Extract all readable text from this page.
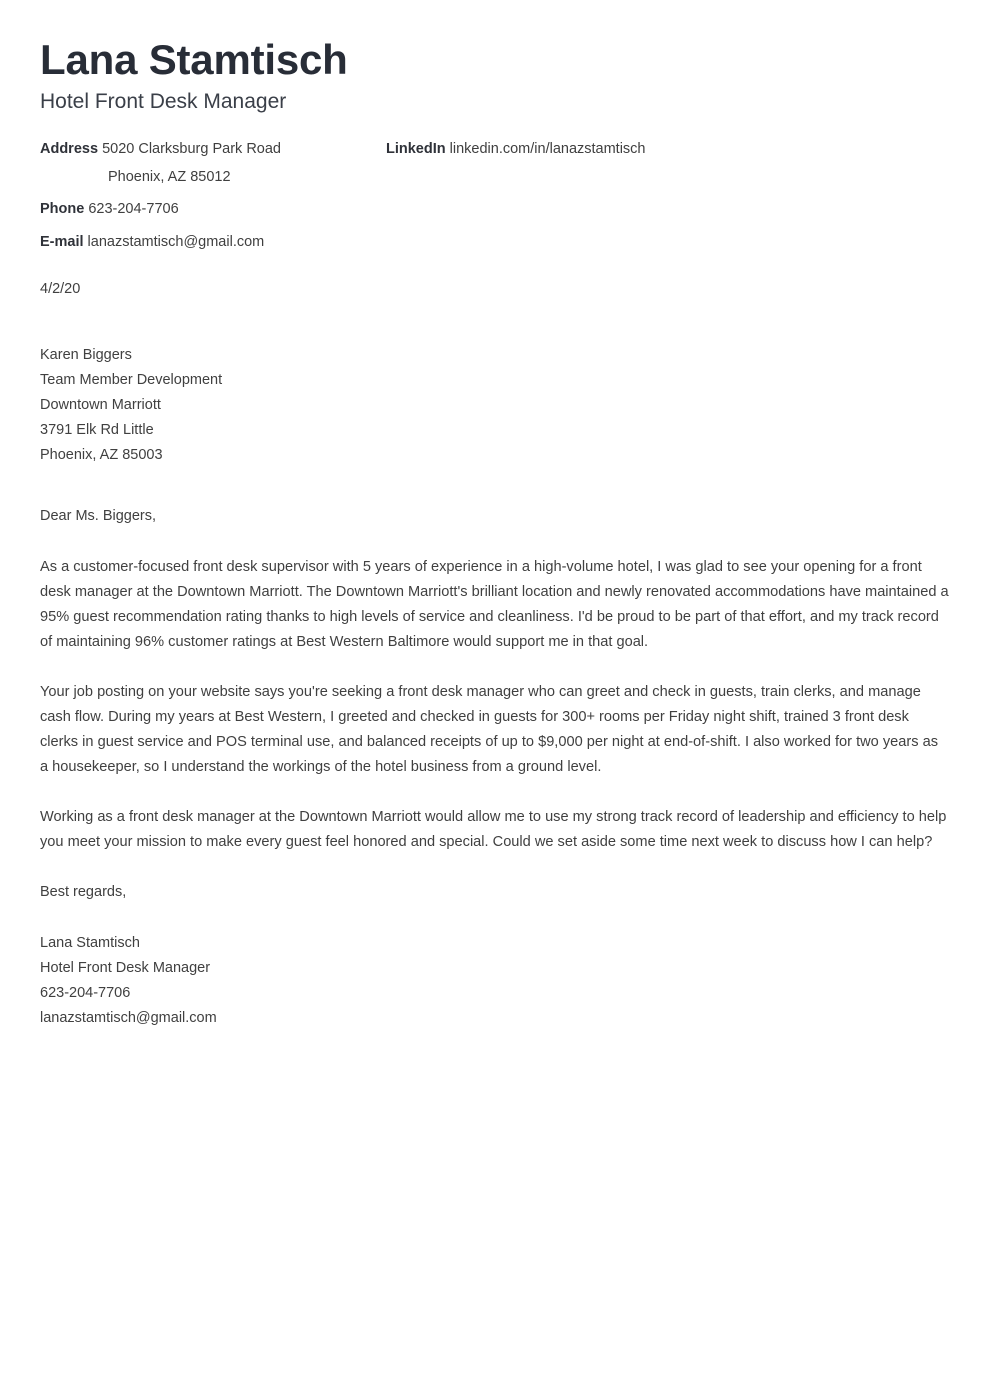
Lana Stamtisch
Hotel Front Desk Manager
Address 5020 Clarksburg Park Road
Phoenix, AZ 85012
Phone 623-204-7706
E-mail lanazstamtisch@gmail.com
LinkedIn linkedin.com/in/lanazstamtisch
4/2/20
Karen Biggers
Team Member Development
Downtown Marriott
3791 Elk Rd Little
Phoenix, AZ 85003
Dear Ms. Biggers,

As a customer-focused front desk supervisor with 5 years of experience in a high-volume hotel, I was glad to see your opening for a front desk manager at the Downtown Marriott. The Downtown Marriott's brilliant location and newly renovated accommodations have maintained a 95% guest recommendation rating thanks to high levels of service and cleanliness. I'd be proud to be part of that effort, and my track record of maintaining 96% customer ratings at Best Western Baltimore would support me in that goal.

Your job posting on your website says you're seeking a front desk manager who can greet and check in guests, train clerks, and manage cash flow. During my years at Best Western, I greeted and checked in guests for 300+ rooms per Friday night shift, trained 3 front desk clerks in guest service and POS terminal use, and balanced receipts of up to $9,000 per night at end-of-shift. I also worked for two years as a housekeeper, so I understand the workings of the hotel business from a ground level.

Working as a front desk manager at the Downtown Marriott would allow me to use my strong track record of leadership and efficiency to help you meet your mission to make every guest feel honored and special. Could we set aside some time next week to discuss how I can help?

Best regards,
Lana Stamtisch
Hotel Front Desk Manager
623-204-7706
lanazstamtisch@gmail.com
